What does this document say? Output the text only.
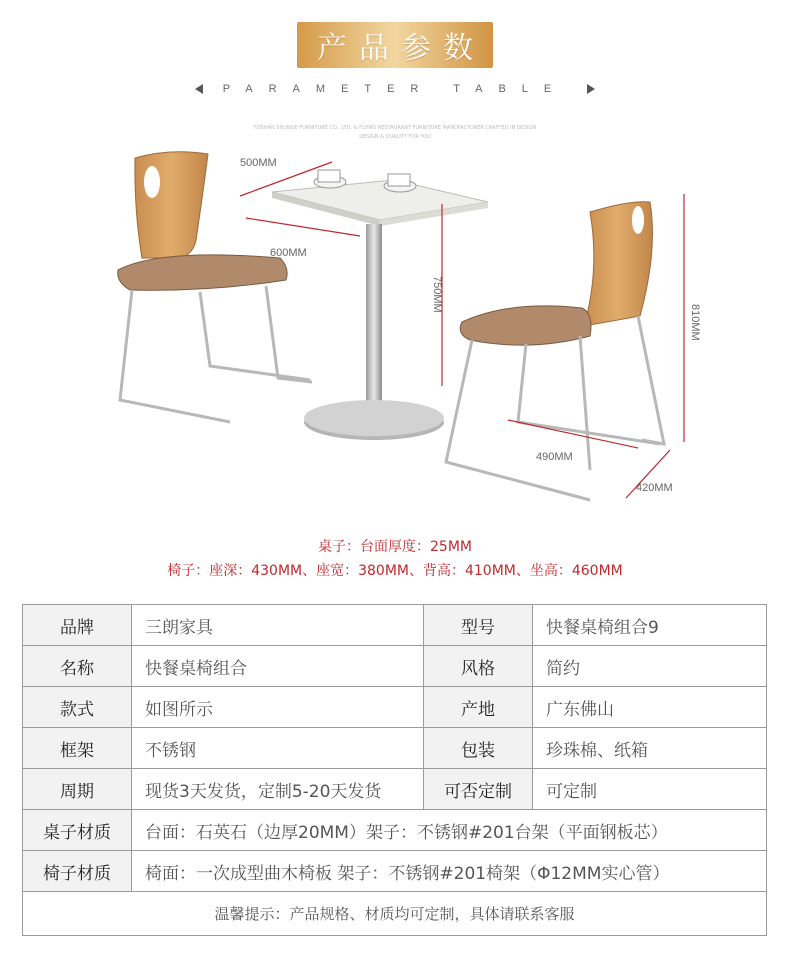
产 品 参 数
PARAMETER TABLE
FOSHAN SHUNDE FURNITURE CO., LTD. & FLYING RESTAURANT FURNITURE MANUFACTURER CRAFTED IN DESIGN
DESIGN & QUALITY FOR YOU
500MM
600MM
750MM
810MM
490MM
420MM
桌子：台面厚度：25MM
椅子：座深：430MM、座宽：380MM、背高：410MM、坐高：460MM
品牌	三朗家具	型号	快餐桌椅组合9
名称	快餐桌椅组合	风格	简约
款式	如图所示	产地	广东佛山
框架	不锈钢	包装	珍珠棉、纸箱
周期	现货3天发货，定制5-20天发货	可否定制	可定制
桌子材质	台面：石英石（边厚20MM）架子：不锈钢#201台架（平面钢板芯）		
椅子材质	椅面：一次成型曲木椅板 架子：不锈钢#201椅架（Φ12MM实心管）		
温馨提示：产品规格、材质均可定制，具体请联系客服			
